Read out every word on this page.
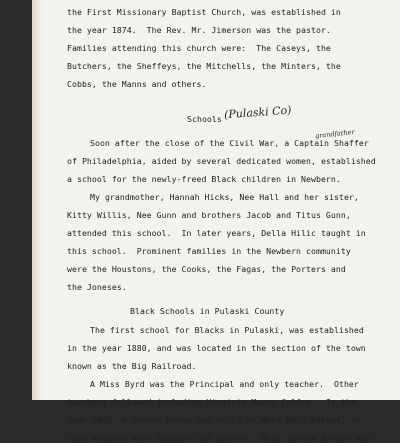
the First Missionary Baptist Church, was established in
the year 1874.  The Rev. Mr. Jimerson was the pastor.
Families attending this church were:  The Caseys, the
Butchers, the Sheffeys, the Mitchells, the Minters, the
Cobbs, the Manns and others.
Schools (Pulaski Co)
grandfather
Soon after the close of the Civil War, a Captain Shaffer
of Philadelphia, aided by several dedicated women, established
a school for the newly-freed Black children in Newbern.
My grandmother, Hannah Hicks, Nee Hall and her sister,
Kitty Willis, Nee Gunn and brothers Jacob and Titus Gunn,
attended this school.  In later years, Della Hilic taught in
this school.  Prominent families in the Newbern community
were the Houstons, the Cooks, the Fagas, the Porters and
the Joneses.
Black Schools in Pulaski County
The first school for Blacks in Pulaski, was established
in the year 1880, and was located in the section of the town
known as the Big Railroad.
A Miss Byrd was the Principal and only teacher.  Other
teachers followed including Virginia Manns Calfee.  In the
year 1903, a school house was built on West Main Street, on
land donated by a Captain Lee Calfee.  Miss Jennie Barber was
